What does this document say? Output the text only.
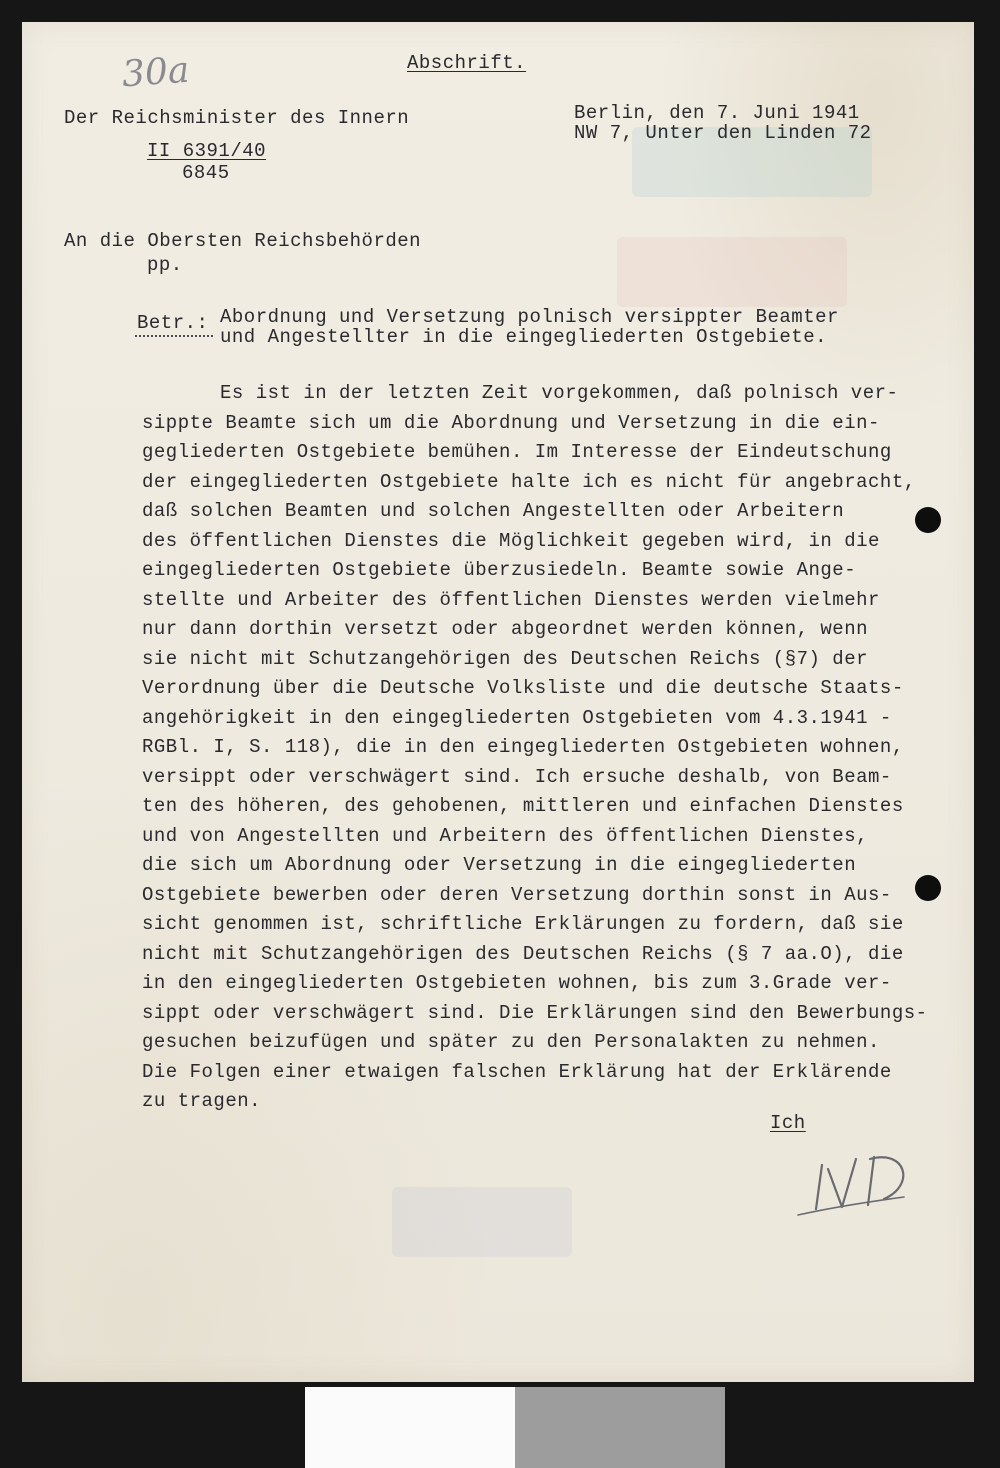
30a	Abschrift.
Der Reichsminister des Innern
II 6391/40
6845
Berlin, den 7. Juni 1941
NW 7, Unter den Linden 72
An die Obersten Reichsbehörden
pp.
Betr.: Abordnung und Versetzung polnisch versippter Beamter
und Angestellter in die eingegliederten Ostgebiete.
Es ist in der letzten Zeit vorgekommen, daß polnisch ver-
sippte Beamte sich um die Abordnung und Versetzung in die ein-
gegliederten Ostgebiete bemühen. Im Interesse der Eindeutschung
der eingegliederten Ostgebiete halte ich es nicht für angebracht,
daß solchen Beamten und solchen Angestellten oder Arbeitern
des öffentlichen Dienstes die Möglichkeit gegeben wird, in die
eingegliederten Ostgebiete überzusiedeln. Beamte sowie Ange-
stellte und Arbeiter des öffentlichen Dienstes werden vielmehr
nur dann dorthin versetzt oder abgeordnet werden können, wenn
sie nicht mit Schutzangehörigen des Deutschen Reichs (§7) der
Verordnung über die Deutsche Volksliste und die deutsche Staats-
angehörigkeit in den eingegliederten Ostgebieten vom 4.3.1941 -
RGBl. I, S. 118), die in den eingegliederten Ostgebieten wohnen,
versippt oder verschwägert sind. Ich ersuche deshalb, von Beam-
ten des höheren, des gehobenen, mittleren und einfachen Dienstes
und von Angestellten und Arbeitern des öffentlichen Dienstes,
die sich um Abordnung oder Versetzung in die eingegliederten
Ostgebiete bewerben oder deren Versetzung dorthin sonst in Aus-
sicht genommen ist, schriftliche Erklärungen zu fordern, daß sie
nicht mit Schutzangehörigen des Deutschen Reichs (§ 7 aa.O), die
in den eingegliederten Ostgebieten wohnen, bis zum 3.Grade ver-
sippt oder verschwägert sind. Die Erklärungen sind den Bewerbungs-
gesuchen beizufügen und später zu den Personalakten zu nehmen.
Die Folgen einer etwaigen falschen Erklärung hat der Erklärende
zu tragen.
Ich
